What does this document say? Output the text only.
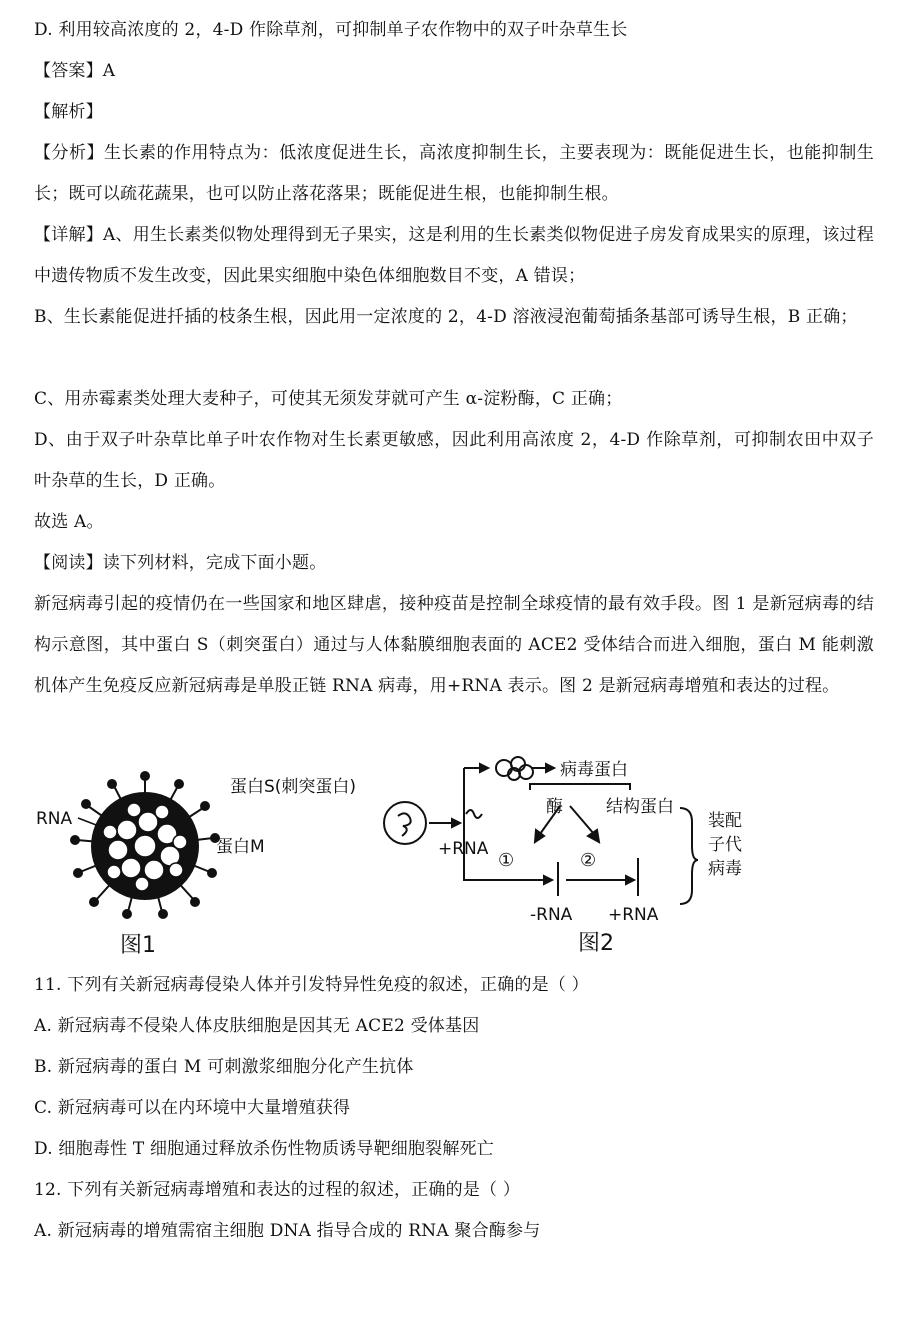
D. 利用较高浓度的 2，4-D 作除草剂，可抑制单子农作物中的双子叶杂草生长
【答案】A
【解析】
【分析】生长素的作用特点为：低浓度促进生长，高浓度抑制生长，主要表现为：既能促进生长，也能抑制生长；既可以疏花蔬果，也可以防止落花落果；既能促进生根，也能抑制生根。
【详解】A、用生长素类似物处理得到无子果实，这是利用的生长素类似物促进子房发育成果实的原理，该过程中遗传物质不发生改变，因此果实细胞中染色体细胞数目不变，A 错误；
B、生长素能促进扦插的枝条生根，因此用一定浓度的 2，4-D 溶液浸泡葡萄插条基部可诱导生根，B 正确；
C、用赤霉素类处理大麦种子，可使其无须发芽就可产生 α-淀粉酶，C 正确；
D、由于双子叶杂草比单子叶农作物对生长素更敏感，因此利用高浓度 2，4-D 作除草剂，可抑制农田中双子叶杂草的生长，D 正确。
故选 A。
【阅读】读下列材料，完成下面小题。
新冠病毒引起的疫情仍在一些国家和地区肆虐，接种疫苗是控制全球疫情的最有效手段。图 1 是新冠病毒的结构示意图，其中蛋白 S（刺突蛋白）通过与人体黏膜细胞表面的 ACE2 受体结合而进入细胞，蛋白 M 能刺激机体产生免疫反应新冠病毒是单股正链 RNA 病毒，用+RNA 表示。图 2 是新冠病毒增殖和表达的过程。
RNA
蛋白S(刺突蛋白)
蛋白M
图1
病毒蛋白
酶	结构蛋白
+RNA
①	②
-RNA +RNA
装配
子代
病毒
图2
11. 下列有关新冠病毒侵染人体并引发特异性免疫的叙述，正确的是（ ）
A. 新冠病毒不侵染人体皮肤细胞是因其无 ACE2 受体基因
B. 新冠病毒的蛋白 M 可刺激浆细胞分化产生抗体
C. 新冠病毒可以在内环境中大量增殖获得
D. 细胞毒性 T 细胞通过释放杀伤性物质诱导靶细胞裂解死亡
12. 下列有关新冠病毒增殖和表达的过程的叙述，正确的是（ ）
A. 新冠病毒的增殖需宿主细胞 DNA 指导合成的 RNA 聚合酶参与
